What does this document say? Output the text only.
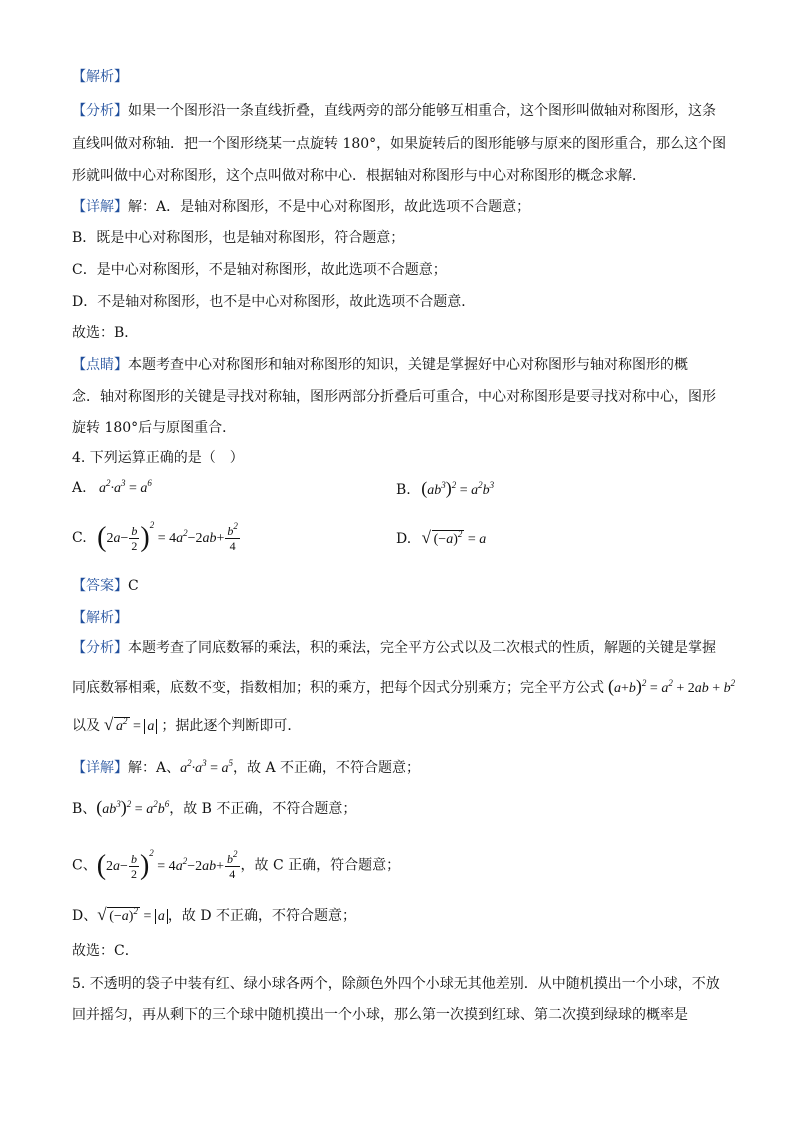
【解析】
【分析】如果一个图形沿一条直线折叠，直线两旁的部分能够互相重合，这个图形叫做轴对称图形，这条
直线叫做对称轴．把一个图形绕某一点旋转 180°，如果旋转后的图形能够与原来的图形重合，那么这个图
形就叫做中心对称图形，这个点叫做对称中心．根据轴对称图形与中心对称图形的概念求解．
【详解】解：A．是轴对称图形，不是中心对称图形，故此选项不合题意；
B．既是中心对称图形，也是轴对称图形，符合题意；
C．是中心对称图形，不是轴对称图形，故此选项不合题意；
D．不是轴对称图形，也不是中心对称图形，故此选项不合题意．
故选：B．
【点睛】本题考查中心对称图形和轴对称图形的知识，关键是掌握好中心对称图形与轴对称图形的概
念．轴对称图形的关键是寻找对称轴，图形两部分折叠后可重合，中心对称图形是要寻找对称中心，图形
旋转 180°后与原图重合．
4. 下列运算正确的是（　）
A. $a^2\cdot a^3 = a^6$	B. $(ab^3)^2 = a^2b^3$
C. $(2a- \frac{b}{2} )^2 = 4a^2-2ab+ \frac{b^2}{4}$	D. √ $(-a)^2 = a$
【答案】C
【解析】
【分析】本题考查了同底数幂的乘法，积的乘法，完全平方公式以及二次根式的性质，解题的关键是掌握
同底数幂相乘，底数不变，指数相加；积的乘方，把每个因式分别乘方；完全平方公式 $(a+b)^2 = a^2 + 2ab + b^2$
以及 √ $a^2 = a$ ；据此逐个判断即可．
【详解】解：A、$a^2\cdot a^3 = a^5$，故 A 不正确，不符合题意；
B、$(ab^3)^2 = a^2b^6$，故 B 不正确，不符合题意；
C、$(2a- \frac{b}{2} )^2 = 4a^2-2ab+ \frac{b^2}{4}$ ，故 C 正确，符合题意；
D、 √ $(-a)^2 = a$ ，故 D 不正确，不符合题意；
故选：C．
5. 不透明的袋子中装有红、绿小球各两个，除颜色外四个小球无其他差别．从中随机摸出一个小球，不放
回并摇匀，再从剩下的三个球中随机摸出一个小球，那么第一次摸到红球、第二次摸到绿球的概率是
